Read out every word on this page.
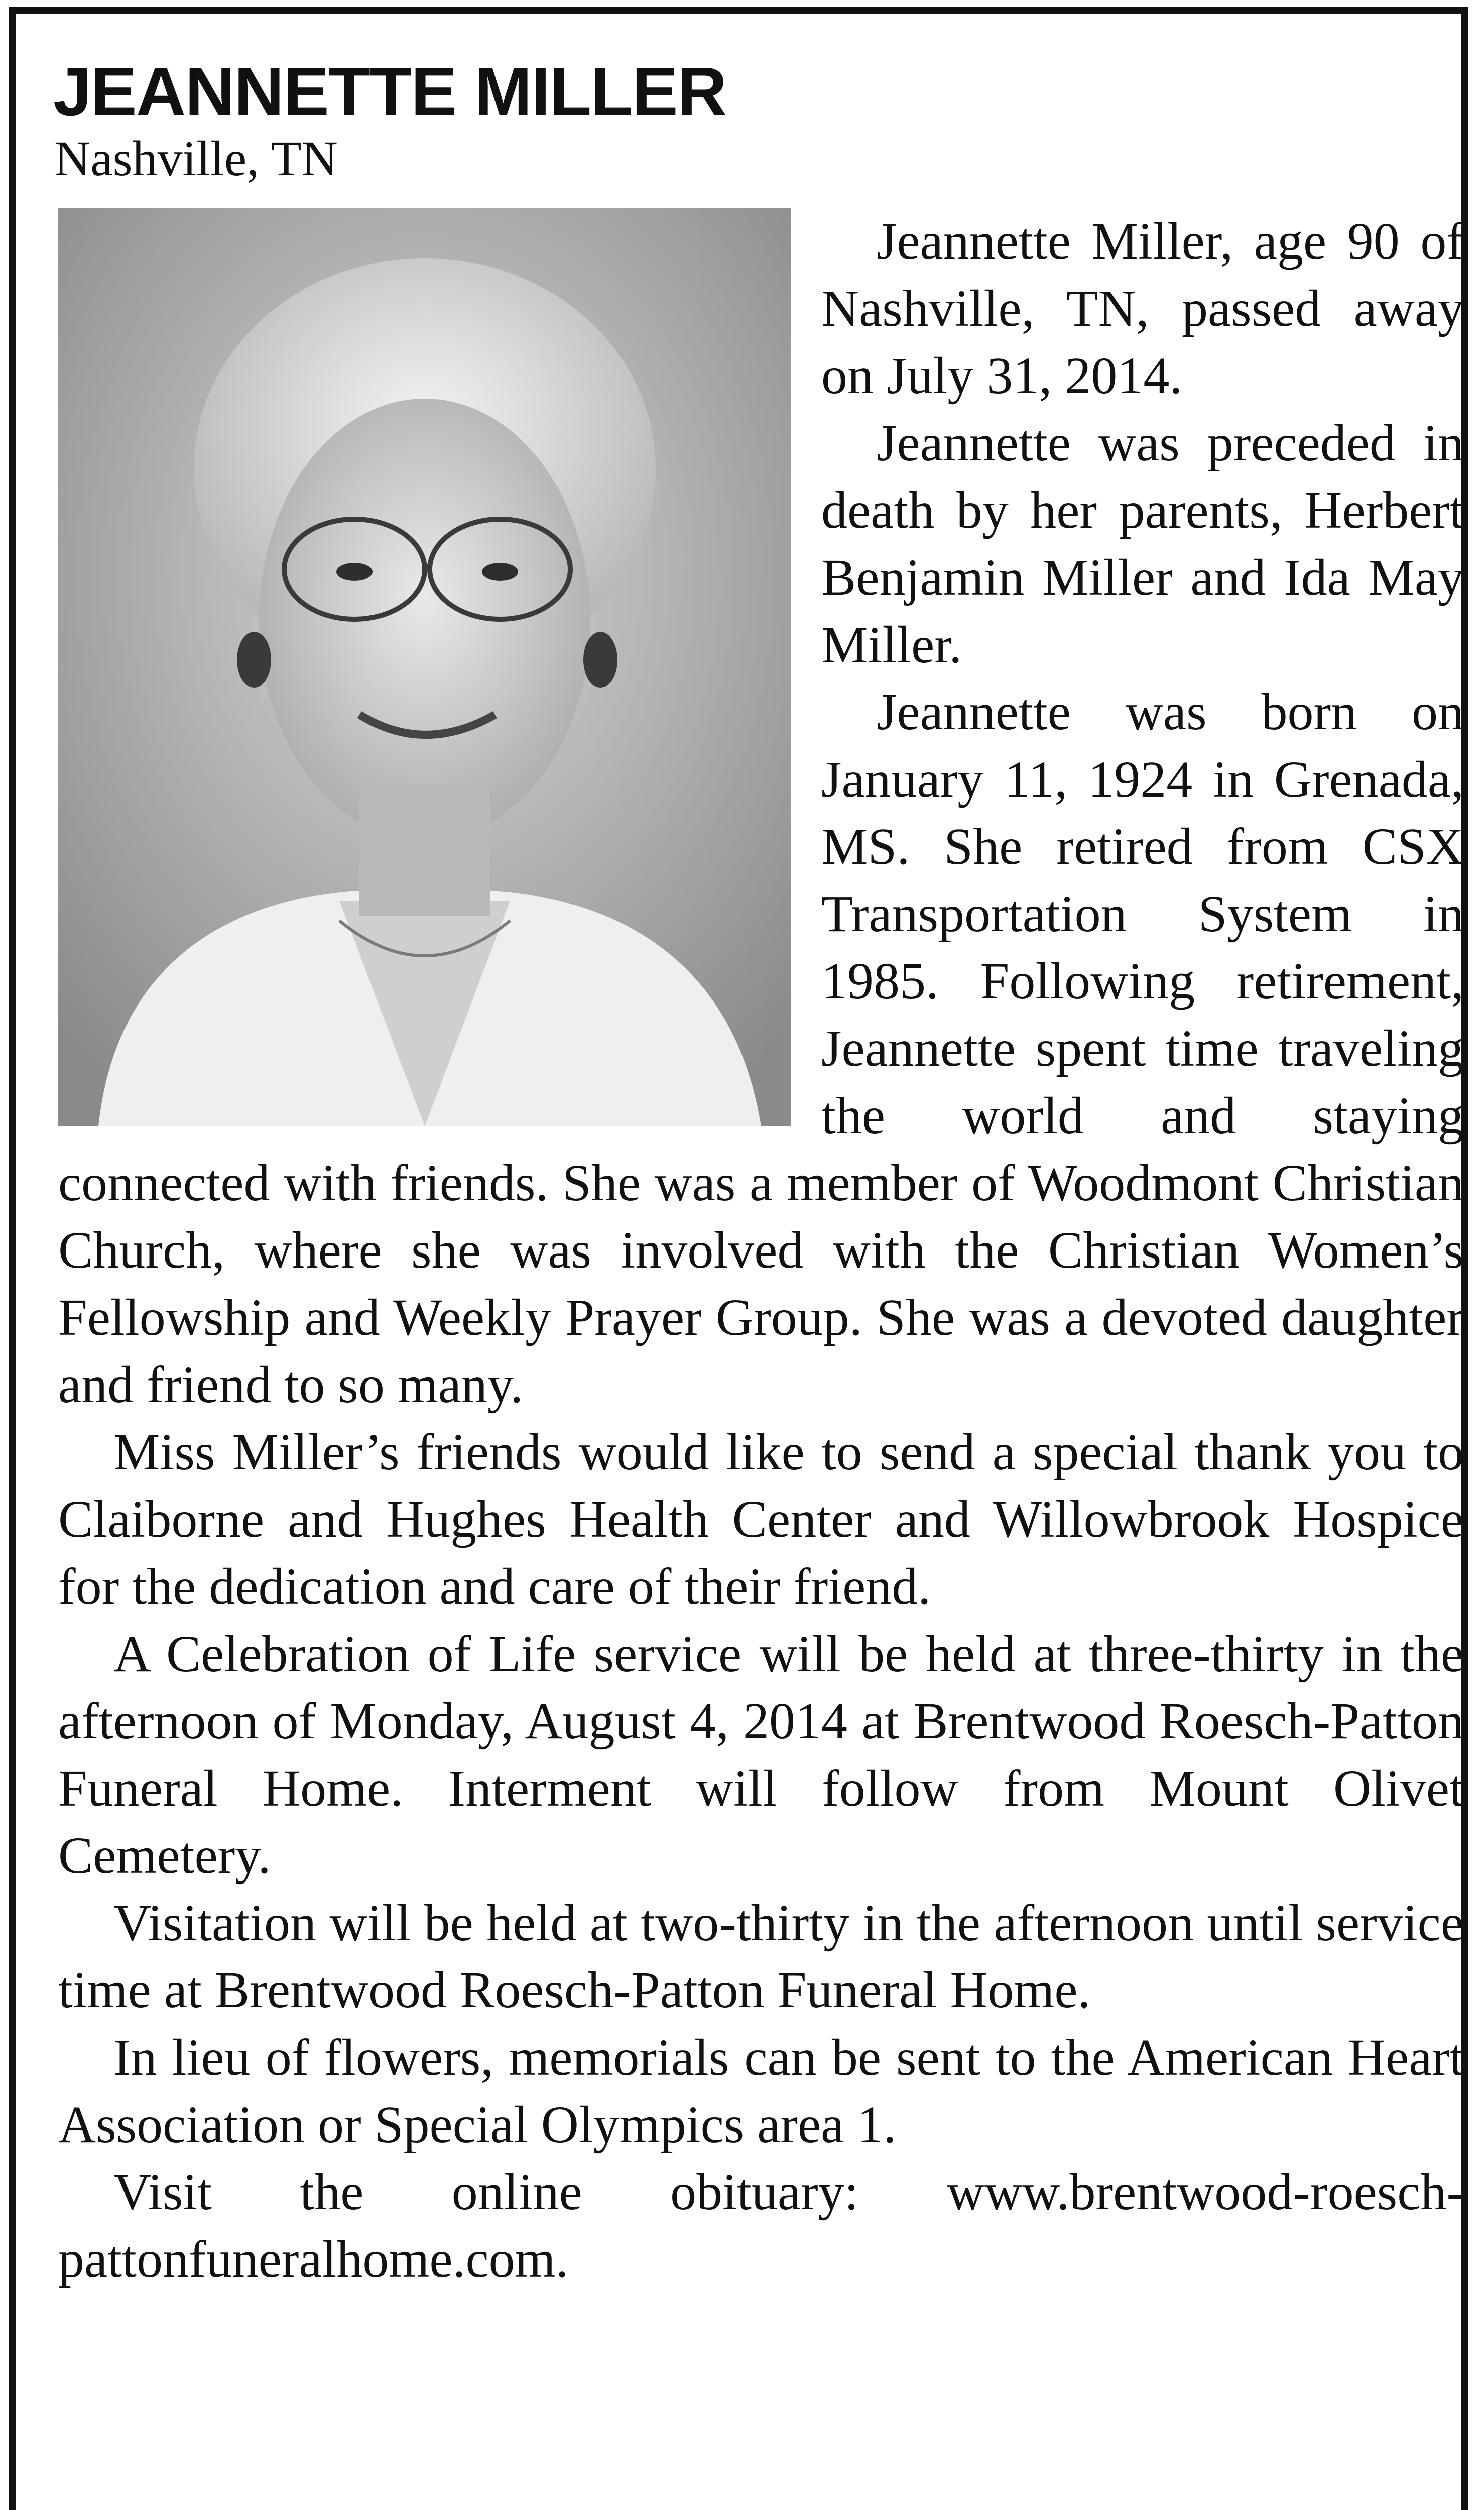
JEANNETTE MILLER
Nashville, TN

Jeannette Miller, age 90 of Nashville, TN, passed away on July 31, 2014.

Jeannette was preceded in death by her parents, Herbert Benjamin Miller and Ida May Miller.

Jeannette was born on January 11, 1924 in Grenada, MS. She retired from CSX Transportation System in 1985. Following retirement, Jeannette spent time traveling the world and staying connected with friends. She was a member of Woodmont Christian Church, where she was involved with the Christian Women’s Fellowship and Weekly Prayer Group. She was a devoted daughter and friend to so many.

Miss Miller’s friends would like to send a special thank you to Claiborne and Hughes Health Center and Willowbrook Hospice for the dedication and care of their friend.

A Celebration of Life service will be held at three-thirty in the afternoon of Monday, August 4, 2014 at Brentwood Roesch-Patton Funeral Home. Interment will follow from Mount Olivet Cemetery.

Visitation will be held at two-thirty in the afternoon until service time at Brentwood Roesch-Patton Funeral Home.

In lieu of flowers, memorials can be sent to the American Heart Association or Special Olympics area 1.

Visit the online obituary: www.brentwood-roesch-pattonfuneralhome.com.
